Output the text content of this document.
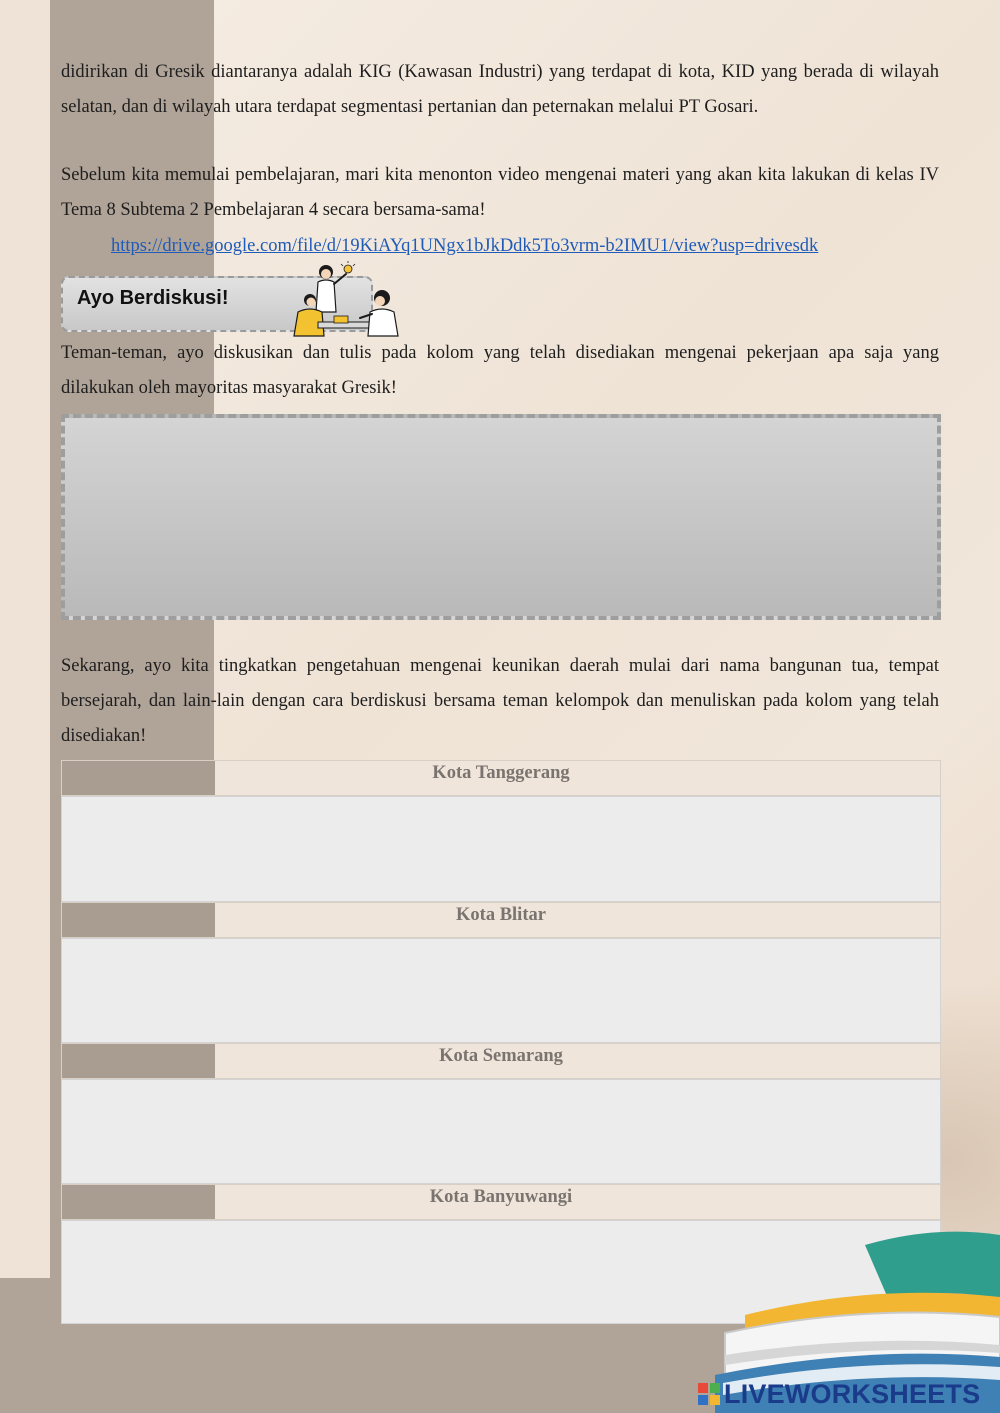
didirikan di Gresik diantaranya adalah KIG (Kawasan Industri) yang terdapat di kota, KID yang berada di wilayah selatan, dan di wilayah utara terdapat segmentasi pertanian dan peternakan melalui PT Gosari.

Sebelum kita memulai pembelajaran, mari kita menonton video mengenai materi yang akan kita lakukan di kelas IV Tema 8 Subtema 2 Pembelajaran 4 secara bersama-sama!

https://drive.google.com/file/d/19KiAYq1UNgx1bJkDdk5To3vrm-b2IMU1/view?usp=drivesdk
Ayo Berdiskusi!

Teman-teman, ayo diskusikan dan tulis pada kolom yang telah disediakan mengenai pekerjaan apa saja yang dilakukan oleh mayoritas masyarakat Gresik!

Sekarang, ayo kita tingkatkan pengetahuan mengenai keunikan daerah mulai dari nama bangunan tua, tempat bersejarah, dan lain-lain dengan cara berdiskusi bersama teman kelompok dan menuliskan pada kolom yang telah disediakan!

Kota Tanggerang
Kota Blitar
Kota Semarang
Kota Banyuwangi
LIVEWORKSHEETS
